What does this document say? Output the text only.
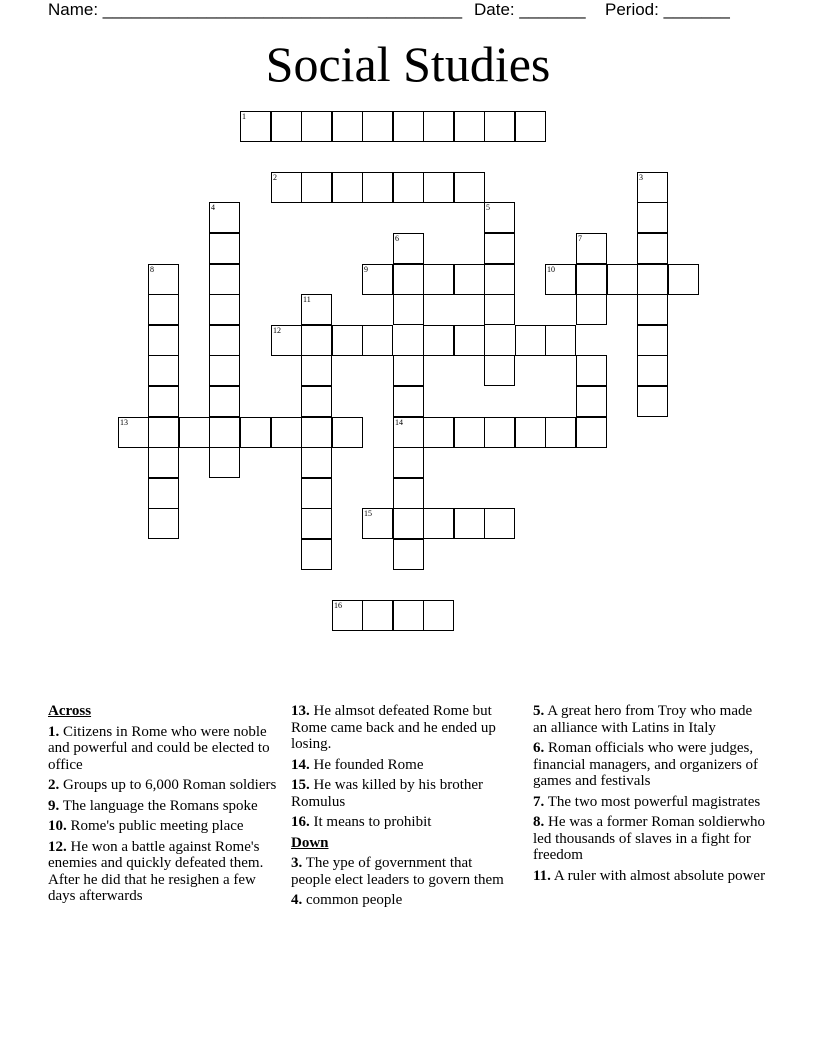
Name: ______________________________________ Date: _______ Period: _______
Social Studies
1
2	3
4	5
6	7
8	9	10
11
12
13	14
15
16
Across
1. Citizens in Rome who were noble and powerful and could be elected to office
2. Groups up to 6,000 Roman soldiers
9. The language the Romans spoke
10. Rome's public meeting place
12. He won a battle against Rome's enemies and quickly defeated them. After he did that he resighen a few days afterwards
13. He almsot defeated Rome but Rome came back and he ended up losing.
14. He founded Rome
15. He was killed by his brother Romulus
16. It means to prohibit
Down
3. The ype of government that people elect leaders to govern them
4. common people
5. A great hero from Troy who made an alliance with Latins in Italy
6. Roman officials who were judges, financial managers, and organizers of games and festivals
7. The two most powerful magistrates
8. He was a former Roman soldierwho led thousands of slaves in a fight for freedom
11. A ruler with almost absolute power
